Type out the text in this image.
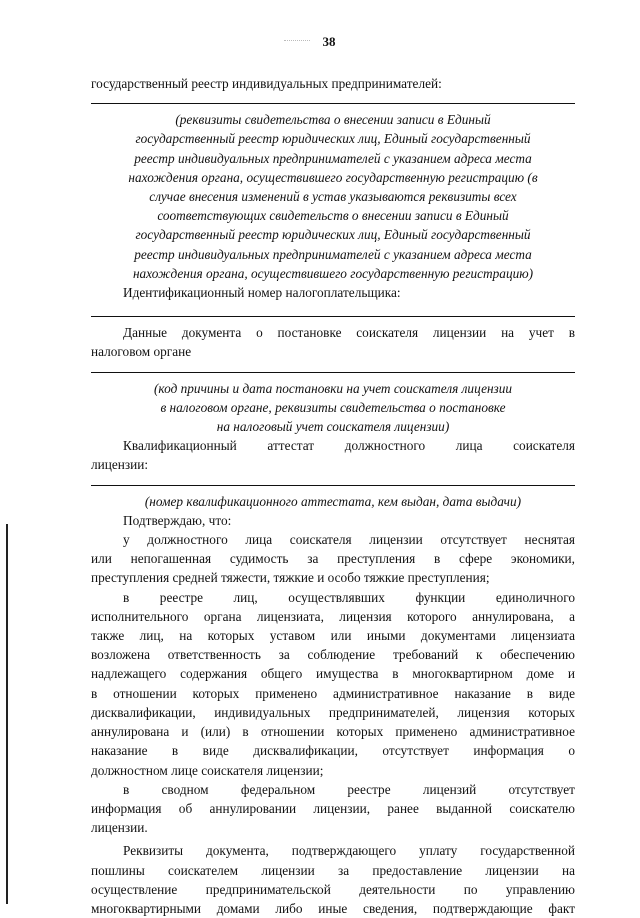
38
государственный реестр индивидуальных предпринимателей:
(реквизиты свидетельства о внесении записи в Единый
государственный реестр юридических лиц, Единый государственный
реестр индивидуальных предпринимателей с указанием адреса места
нахождения органа, осуществившего государственную регистрацию (в
случае внесения изменений в устав указываются реквизиты всех
соответствующих свидетельств о внесении записи в Единый
государственный реестр юридических лиц, Единый государственный
реестр индивидуальных предпринимателей с указанием адреса места
нахождения органа, осуществившего государственную регистрацию)
Идентификационный номер налогоплательщика:
Данные документа о постановке соискателя лицензии на учет в
налоговом органе
(код причины и дата постановки на учет соискателя лицензии
в налоговом органе, реквизиты свидетельства о постановке
на налоговый учет соискателя лицензии)
Квалификационный аттестат должностного лица соискателя
лицензии:
(номер квалификационного аттестата, кем выдан, дата выдачи)
Подтверждаю, что:
у должностного лица соискателя лицензии отсутствует неснятая
или непогашенная судимость за преступления в сфере экономики,
преступления средней тяжести, тяжкие и особо тяжкие преступления;
в реестре лиц, осуществлявших функции единоличного
исполнительного органа лицензиата, лицензия которого аннулирована, а
также лиц, на которых уставом или иными документами лицензиата
возложена ответственность за соблюдение требований к обеспечению
надлежащего содержания общего имущества в многоквартирном доме и
в отношении которых применено административное наказание в виде
дисквалификации, индивидуальных предпринимателей, лицензия которых
аннулирована и (или) в отношении которых применено административное
наказание в виде дисквалификации, отсутствует информация о
должностном лице соискателя лицензии;
в сводном федеральном реестре лицензий отсутствует
информация об аннулировании лицензии, ранее выданной соискателю
лицензии.
Реквизиты документа, подтверждающего уплату государственной
пошлины соискателем лицензии за предоставление лицензии на
осуществление предпринимательской деятельности по управлению
многоквартирными домами либо иные сведения, подтверждающие факт
